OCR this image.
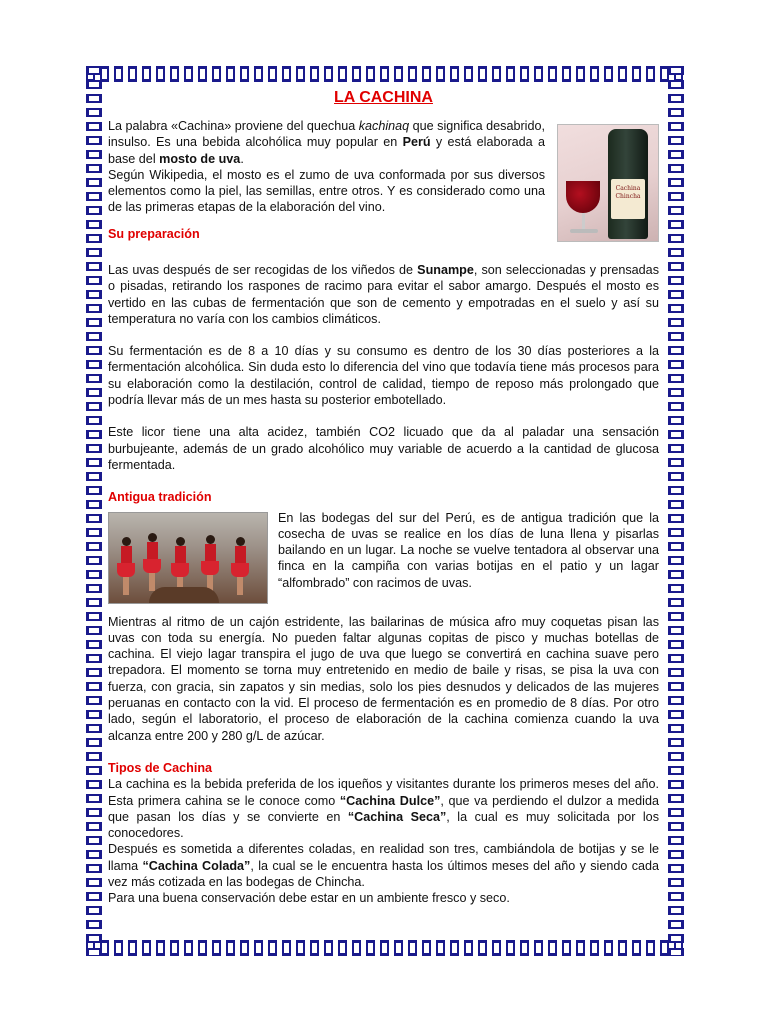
LA CACHINA
Cachina Chincha

La palabra «Cachina» proviene del quechua kachinaq que significa desabrido, insulso. Es una bebida alcohólica muy popular en Perú y está elaborada a base del mosto de uva.

Según Wikipedia, el mosto es el zumo de uva conformada por sus diversos elementos como la piel, las semillas, entre otros. Y es considerado como una de las primeras etapas de la elaboración del vino.

Su preparación

Las uvas después de ser recogidas de los viñedos de Sunampe, son seleccionadas y prensadas o pisadas, retirando los raspones de racimo para evitar el sabor amargo. Después el mosto es vertido en las cubas de fermentación que son de cemento y empotradas en el suelo y así su temperatura no varía con los cambios climáticos.

Su fermentación es de 8 a 10 días y su consumo es dentro de los 30 días posteriores a la fermentación alcohólica. Sin duda esto lo diferencia del vino que todavía tiene más procesos para su elaboración como la destilación, control de calidad, tiempo de reposo más prolongado que podría llevar más de un mes hasta su posterior embotellado.

Este licor tiene una alta acidez, también CO2 licuado que da al paladar una sensación burbujeante, además de un grado alcohólico muy variable de acuerdo a la cantidad de glucosa fermentada.

Antigua tradición

En las bodegas del sur del Perú, es de antigua tradición que la cosecha de uvas se realice en los días de luna llena y pisarlas bailando en un lugar. La noche se vuelve tentadora al observar una finca en la campiña con varias botijas en el patio y un lagar “alfombrado” con racimos de uvas.

Mientras al ritmo de un cajón estridente, las bailarinas de música afro muy coquetas pisan las uvas con toda su energía. No pueden faltar algunas copitas de pisco y muchas botellas de cachina. El viejo lagar transpira el jugo de uva que luego se convertirá en cachina suave pero trepadora. El momento se torna muy entretenido en medio de baile y risas, se pisa la uva con fuerza, con gracia, sin zapatos y sin medias, solo los pies desnudos y delicados de las mujeres peruanas en contacto con la vid. El proceso de fermentación es en promedio de 8 días. Por otro lado, según el laboratorio, el proceso de elaboración de la cachina comienza cuando la uva alcanza entre 200 y 280 g/L de azúcar.

Tipos de Cachina

La cachina es la bebida preferida de los iqueños y visitantes durante los primeros meses del año. Esta primera cahina se le conoce como “Cachina Dulce”, que va perdiendo el dulzor a medida que pasan los días y se convierte en “Cachina Seca”, la cual es muy solicitada por los conocedores.

Después es sometida a diferentes coladas, en realidad son tres, cambiándola de botijas y se le llama “Cachina Colada”, la cual se le encuentra hasta los últimos meses del año y siendo cada vez más cotizada en las bodegas de Chincha.

Para una buena conservación debe estar en un ambiente fresco y seco.
